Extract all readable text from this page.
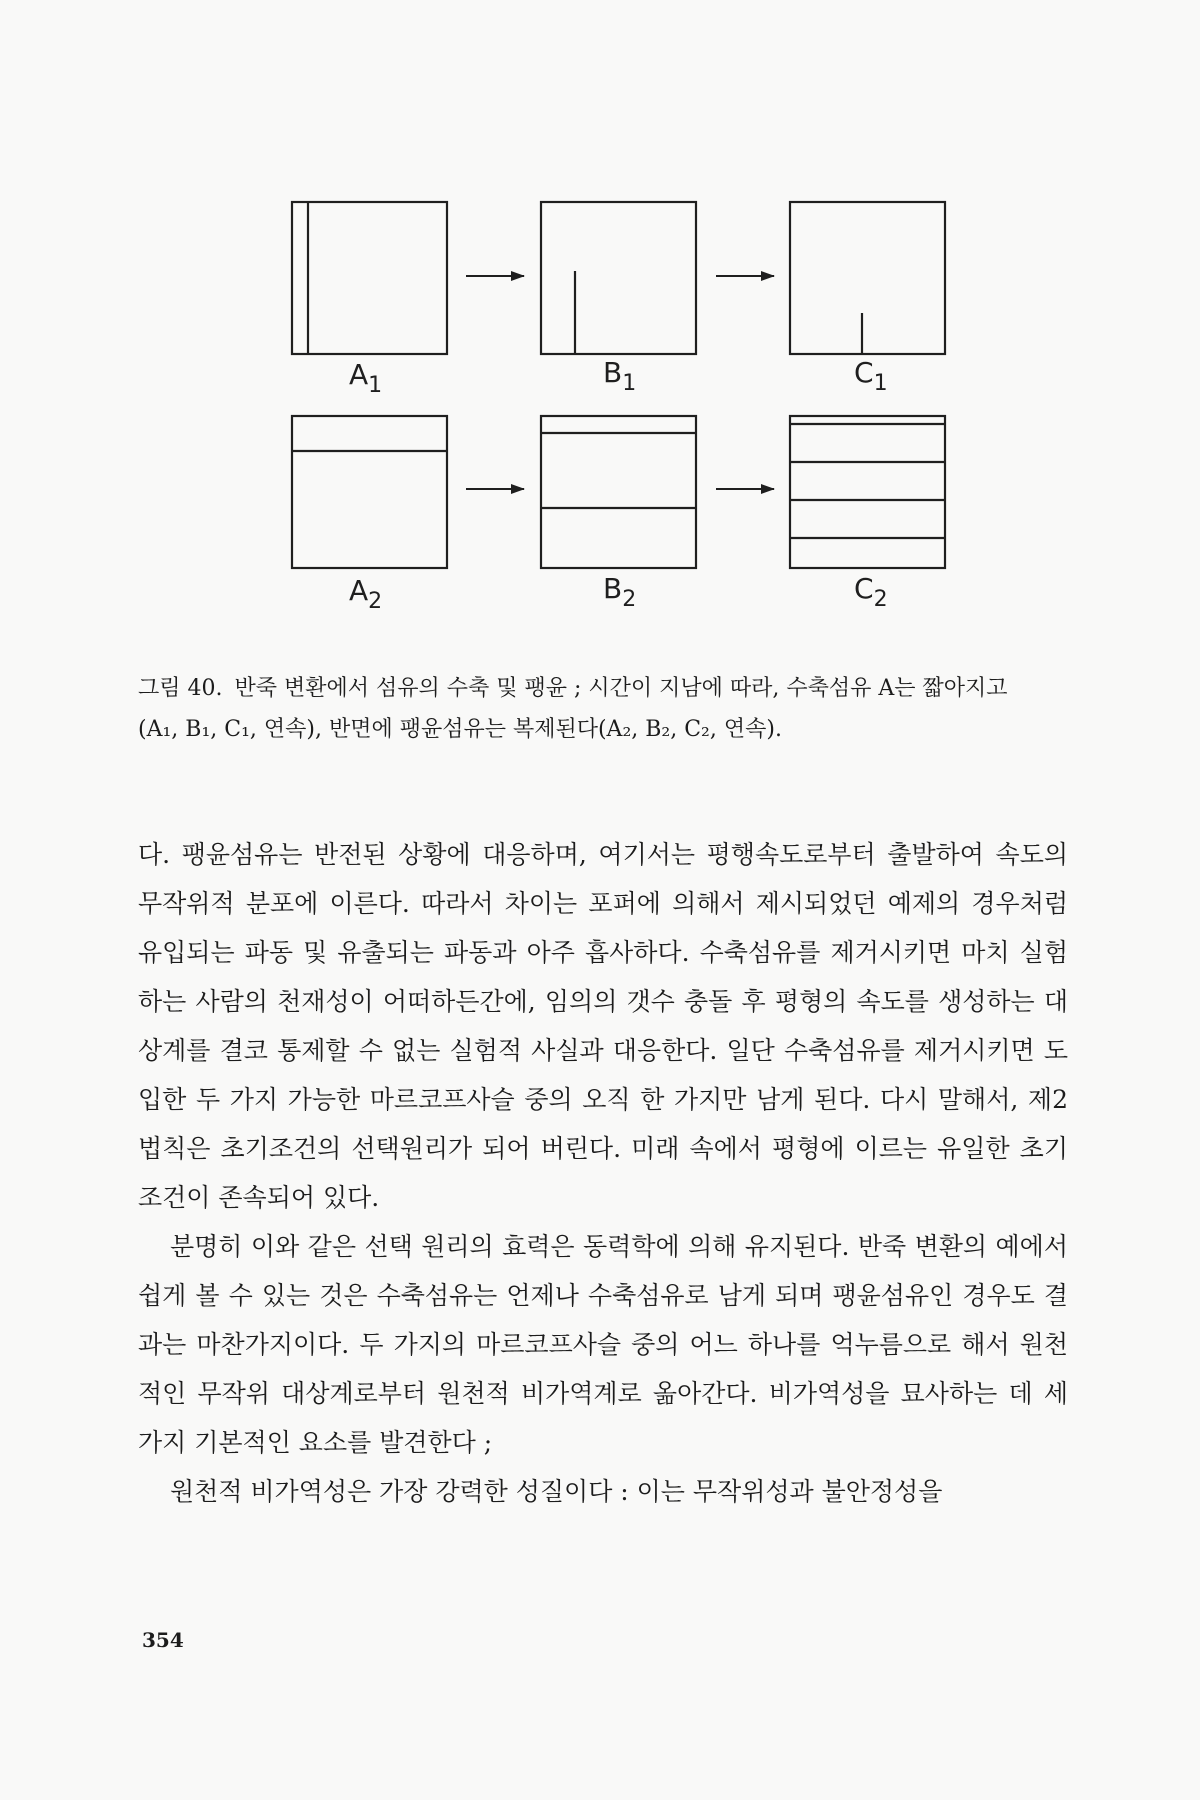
$A_1$	$B_1$	$C_1$
$A_2$	$B_2$	$C_2$
그림 40. 반죽 변환에서 섬유의 수축 및 팽윤 ; 시간이 지남에 따라, 수축섬유 A는 짧아지고(A₁, B₁, C₁, 연속), 반면에 팽윤섬유는 복제된다(A₂, B₂, C₂, 연속).

다. 팽윤섬유는 반전된 상황에 대응하며, 여기서는 평행속도로부터 출발하여 속도의 무작위적 분포에 이른다. 따라서 차이는 포퍼에 의해서 제시되었던 예제의 경우처럼 유입되는 파동 및 유출되는 파동과 아주 흡사하다. 수축섬유를 제거시키면 마치 실험하는 사람의 천재성이 어떠하든간에, 임의의 갯수 충돌 후 평형의 속도를 생성하는 대상계를 결코 통제할 수 없는 실험적 사실과 대응한다. 일단 수축섬유를 제거시키면 도입한 두 가지 가능한 마르코프사슬 중의 오직 한 가지만 남게 된다. 다시 말해서, 제2법칙은 초기조건의 선택원리가 되어 버린다. 미래 속에서 평형에 이르는 유일한 초기조건이 존속되어 있다.

분명히 이와 같은 선택 원리의 효력은 동력학에 의해 유지된다. 반죽 변환의 예에서 쉽게 볼 수 있는 것은 수축섬유는 언제나 수축섬유로 남게 되며 팽윤섬유인 경우도 결과는 마찬가지이다. 두 가지의 마르코프사슬 중의 어느 하나를 억누름으로 해서 원천적인 무작위 대상계로부터 원천적 비가역계로 옮아간다. 비가역성을 묘사하는 데 세 가지 기본적인 요소를 발견한다 ;

원천적 비가역성은 가장 강력한 성질이다 : 이는 무작위성과 불안정성을

354
